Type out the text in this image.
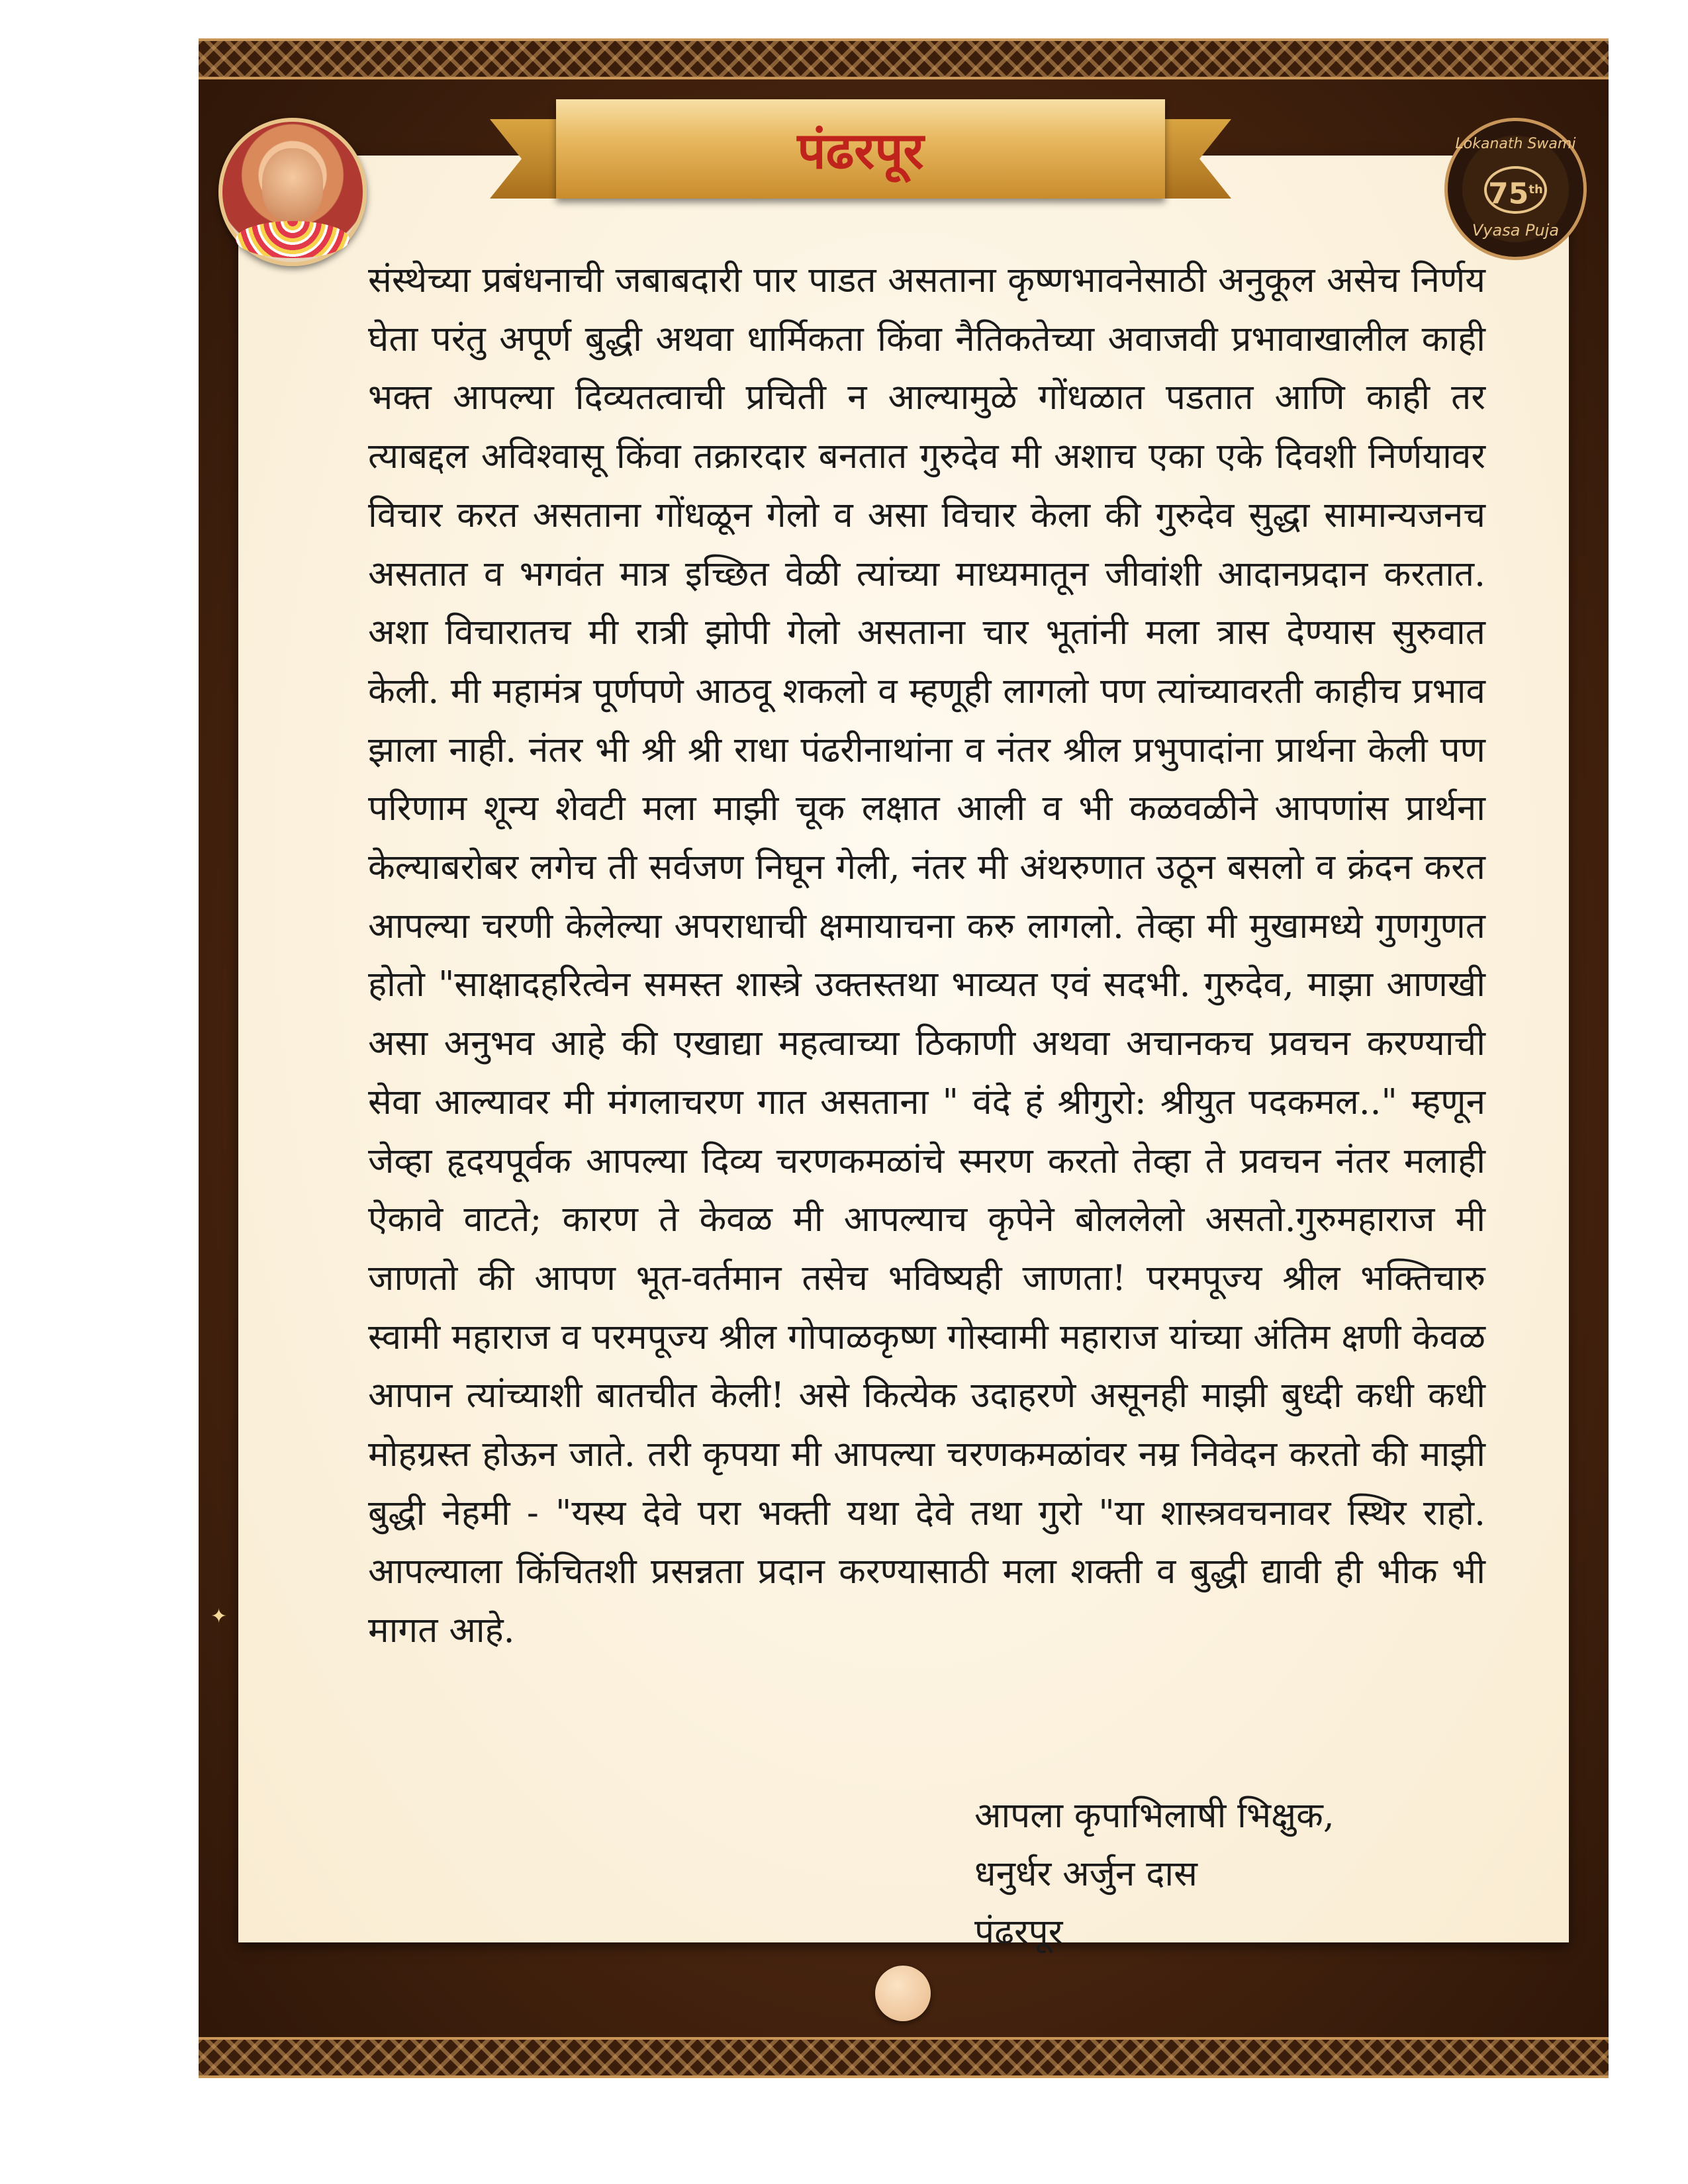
पंढरपूर	Lokanath Swami
75th
Vyasa Puja

संस्थेच्या प्रबंधनाची जबाबदारी पार पाडत असताना कृष्णभावनेसाठी अनुकूल असेच निर्णय घेता परंतु अपूर्ण बुद्धी अथवा धार्मिकता किंवा नैतिकतेच्या अवाजवी प्रभावाखालील काही भक्त आपल्या दिव्यतत्वाची प्रचिती न आल्यामुळे गोंधळात पडतात आणि काही तर त्याबद्दल अविश्वासू किंवा तक्रारदार बनतात गुरुदेव मी अशाच एका एके दिवशी निर्णयावर विचार करत असताना गोंधळून गेलो व असा विचार केला की गुरुदेव सुद्धा सामान्यजनच असतात व भगवंत मात्र इच्छित वेळी त्यांच्या माध्यमातून जीवांशी आदानप्रदान करतात. अशा विचारातच मी रात्री झोपी गेलो असताना चार भूतांनी मला त्रास देण्यास सुरुवात केली. मी महामंत्र पूर्णपणे आठवू शकलो व म्हणूही लागलो पण त्यांच्यावरती काहीच प्रभाव झाला नाही. नंतर भी श्री श्री राधा पंढरीनाथांना व नंतर श्रील प्रभुपादांना प्रार्थना केली पण परिणाम शून्य शेवटी मला माझी चूक लक्षात आली व भी कळवळीने आपणांस प्रार्थना केल्याबरोबर लगेच ती सर्वजण निघून गेली, नंतर मी अंथरुणात उठून बसलो व क्रंदन करत आपल्या चरणी केलेल्या अपराधाची क्षमायाचना करु लागलो. तेव्हा मी मुखामध्ये गुणगुणत होतो "साक्षादहरित्वेन समस्त शास्त्रे उक्तस्तथा भाव्यत एवं सदभी. गुरुदेव, माझा आणखी असा अनुभव आहे की एखाद्या महत्वाच्या ठिकाणी अथवा अचानकच प्रवचन करण्याची सेवा आल्यावर मी मंगलाचरण गात असताना " वंदे हं श्रीगुरो: श्रीयुत पदकमल.." म्हणून जेव्हा हृदयपूर्वक आपल्या दिव्य चरणकमळांचे स्मरण करतो तेव्हा ते प्रवचन नंतर मलाही ऐकावे वाटते; कारण ते केवळ मी आपल्याच कृपेने बोललेलो असतो.गुरुमहाराज मी जाणतो की आपण भूत-वर्तमान तसेच भविष्यही जाणता! परमपूज्य श्रील भक्तिचारु स्वामी महाराज व परमपूज्य श्रील गोपाळकृष्ण गोस्वामी महाराज यांच्या अंतिम क्षणी केवळ आपान त्यांच्याशी बातचीत केली! असे कित्येक उदाहरणे असूनही माझी बुध्दी कधी कधी मोहग्रस्त होऊन जाते. तरी कृपया मी आपल्या चरणकमळांवर नम्र निवेदन करतो की माझी बुद्धी नेहमी - "यस्य देवे परा भक्ती यथा देवे तथा गुरो "या शास्त्रवचनावर स्थिर राहो. आपल्याला किंचितशी प्रसन्नता प्रदान करण्यासाठी मला शक्ती व बुद्धी द्यावी ही भीक भी मागत आहे.

आपला कृपाभिलाषी भिक्षुक,
धनुर्धर अर्जुन दास
पंढरपूर
✦
